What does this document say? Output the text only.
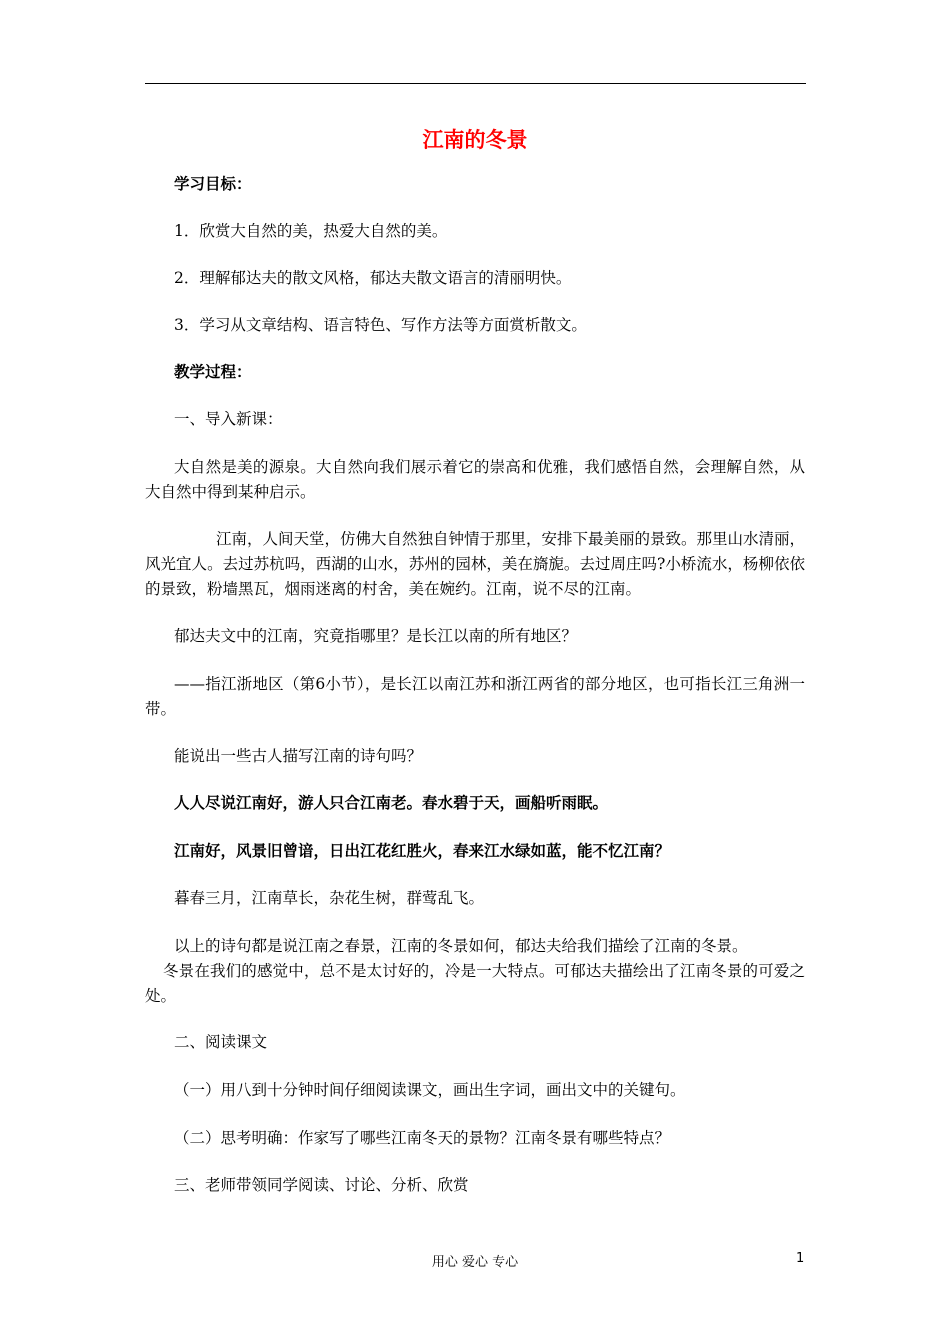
江南的冬景
学习目标：
1．欣赏大自然的美，热爱大自然的美。
2．理解郁达夫的散文风格，郁达夫散文语言的清丽明快。
3．学习从文章结构、语言特色、写作方法等方面赏析散文。
教学过程：
一、导入新课：
大自然是美的源泉。大自然向我们展示着它的崇高和优雅，我们感悟自然，会理解自然，从大自然中得到某种启示。
江南，人间天堂，仿佛大自然独自钟情于那里，安排下最美丽的景致。那里山水清丽，风光宜人。去过苏杭吗，西湖的山水，苏州的园林，美在旖旎。去过周庄吗?小桥流水，杨柳依依的景致，粉墙黑瓦，烟雨迷离的村舍，美在婉约。江南，说不尽的江南。
郁达夫文中的江南，究竟指哪里？是长江以南的所有地区？
——指江浙地区（第6小节），是长江以南江苏和浙江两省的部分地区，也可指长江三角洲一带。
能说出一些古人描写江南的诗句吗？
人人尽说江南好，游人只合江南老。春水碧于天，画船听雨眠。
江南好，风景旧曾谙，日出江花红胜火，春来江水绿如蓝，能不忆江南？
暮春三月，江南草长，杂花生树，群莺乱飞。
以上的诗句都是说江南之春景，江南的冬景如何，郁达夫给我们描绘了江南的冬景。
冬景在我们的感觉中，总不是太讨好的，冷是一大特点。可郁达夫描绘出了江南冬景的可爱之处。
二、阅读课文
（一）用八到十分钟时间仔细阅读课文，画出生字词，画出文中的关键句。
（二）思考明确：作家写了哪些江南冬天的景物？江南冬景有哪些特点？
三、老师带领同学阅读、讨论、分析、欣赏
用心 爱心 专心	1
